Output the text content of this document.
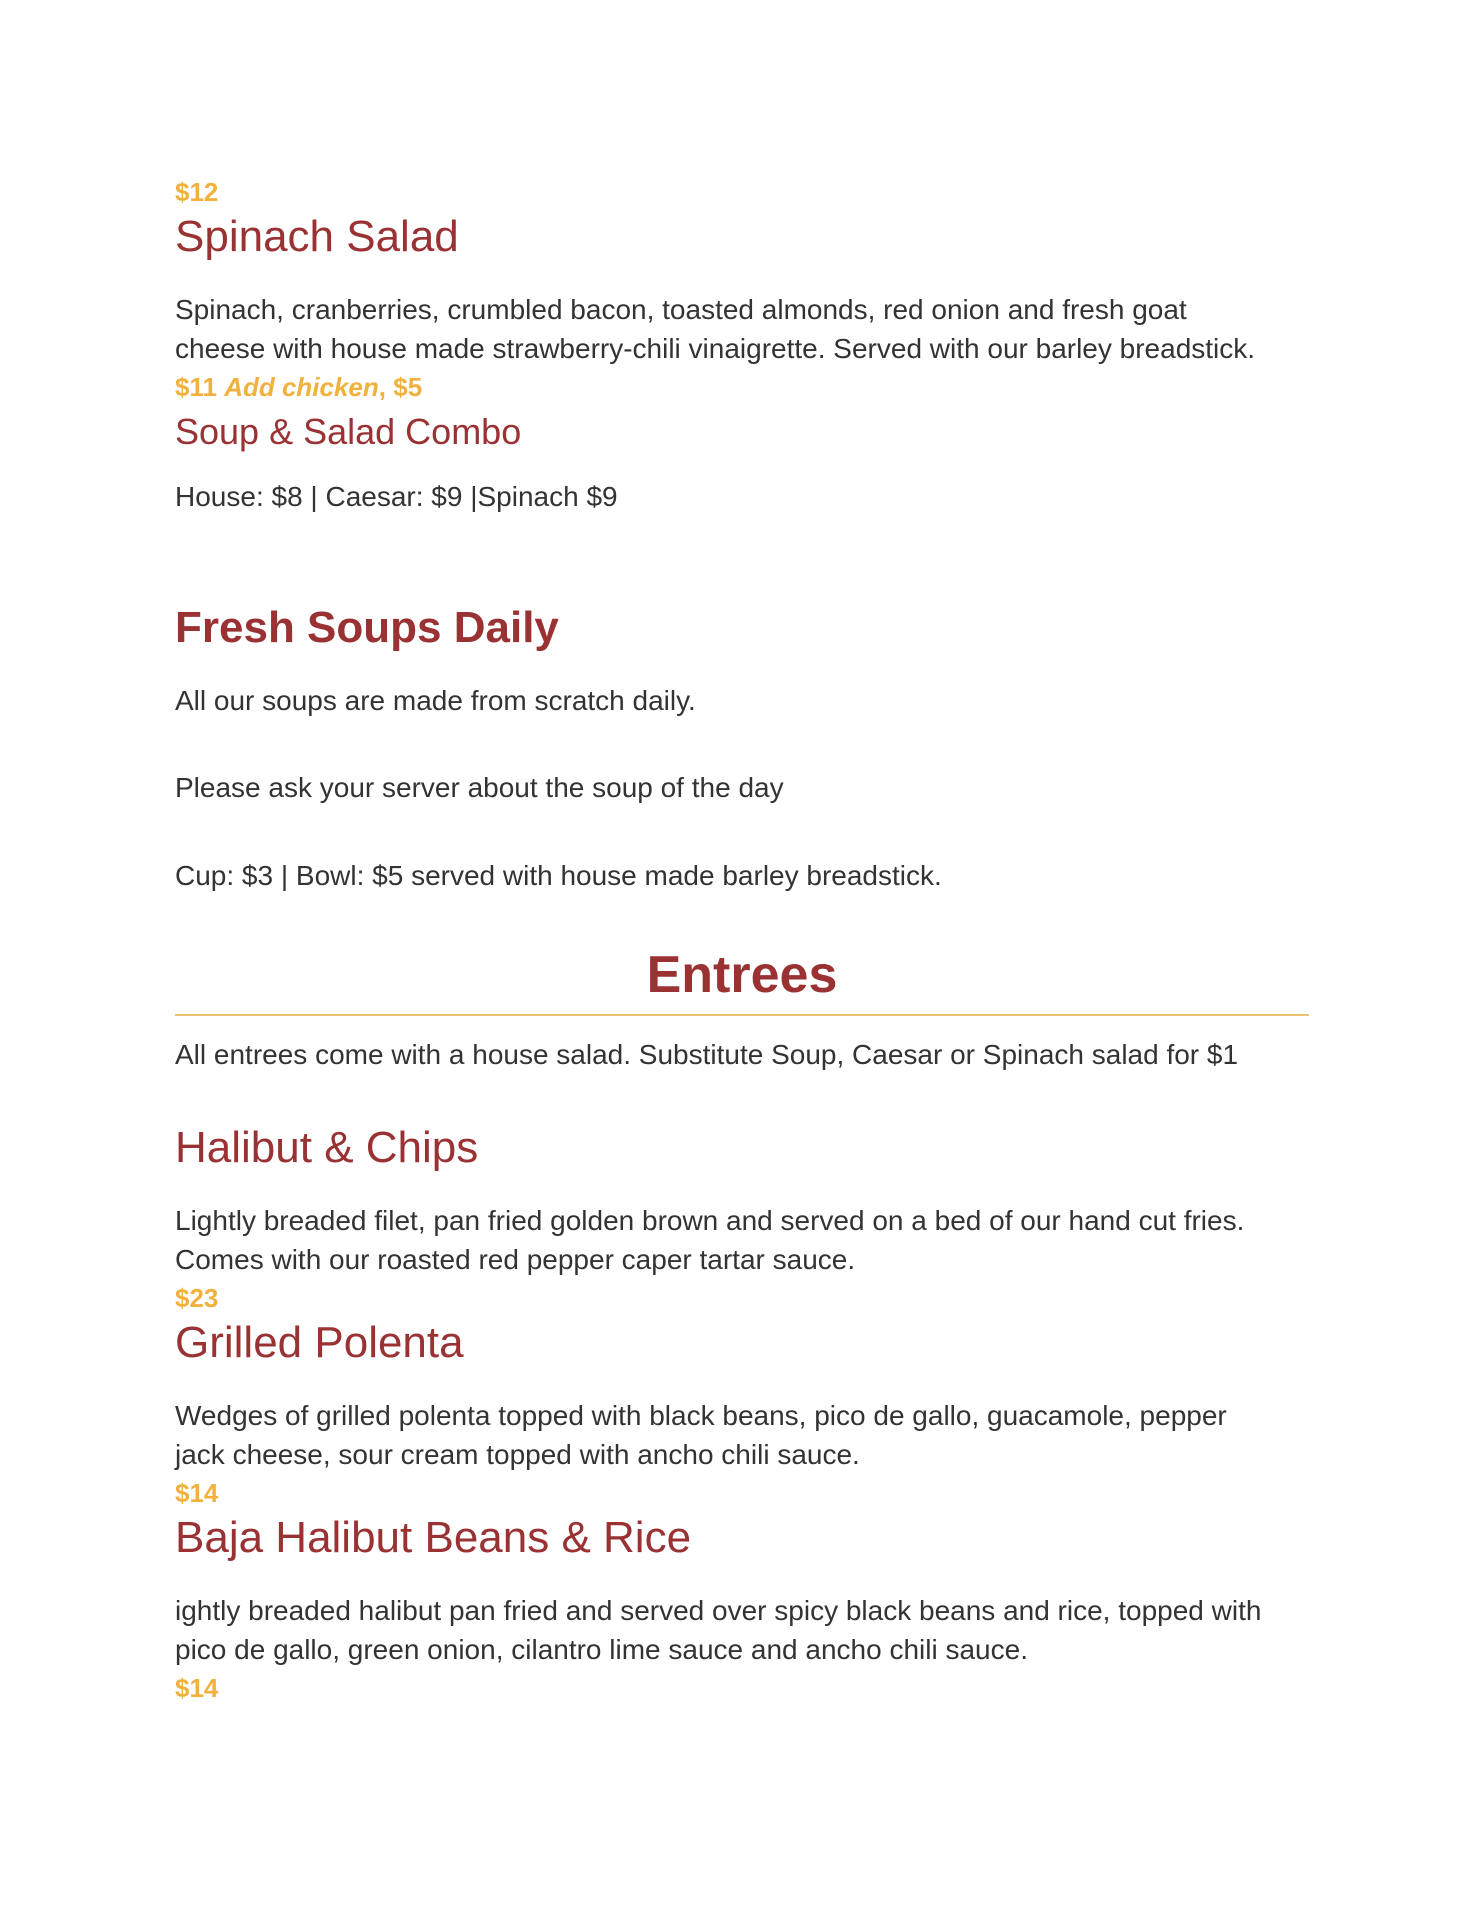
$12
Spinach Salad
Spinach, cranberries, crumbled bacon, toasted almonds, red onion and fresh goat
cheese with house made strawberry-chili vinaigrette. Served with our barley breadstick.
$11 Add chicken, $5
Soup & Salad Combo
House: $8 | Caesar: $9 |Spinach $9
Fresh Soups Daily
All our soups are made from scratch daily.
Please ask your server about the soup of the day
Cup: $3 | Bowl: $5 served with house made barley breadstick.
Entrees
All entrees come with a house salad. Substitute Soup, Caesar or Spinach salad for $1
Halibut & Chips
Lightly breaded filet, pan fried golden brown and served on a bed of our hand cut fries.
Comes with our roasted red pepper caper tartar sauce.
$23
Grilled Polenta
Wedges of grilled polenta topped with black beans, pico de gallo, guacamole, pepper
jack cheese, sour cream topped with ancho chili sauce.
$14
Baja Halibut Beans & Rice
ightly breaded halibut pan fried and served over spicy black beans and rice, topped with
pico de gallo, green onion, cilantro lime sauce and ancho chili sauce.
$14
